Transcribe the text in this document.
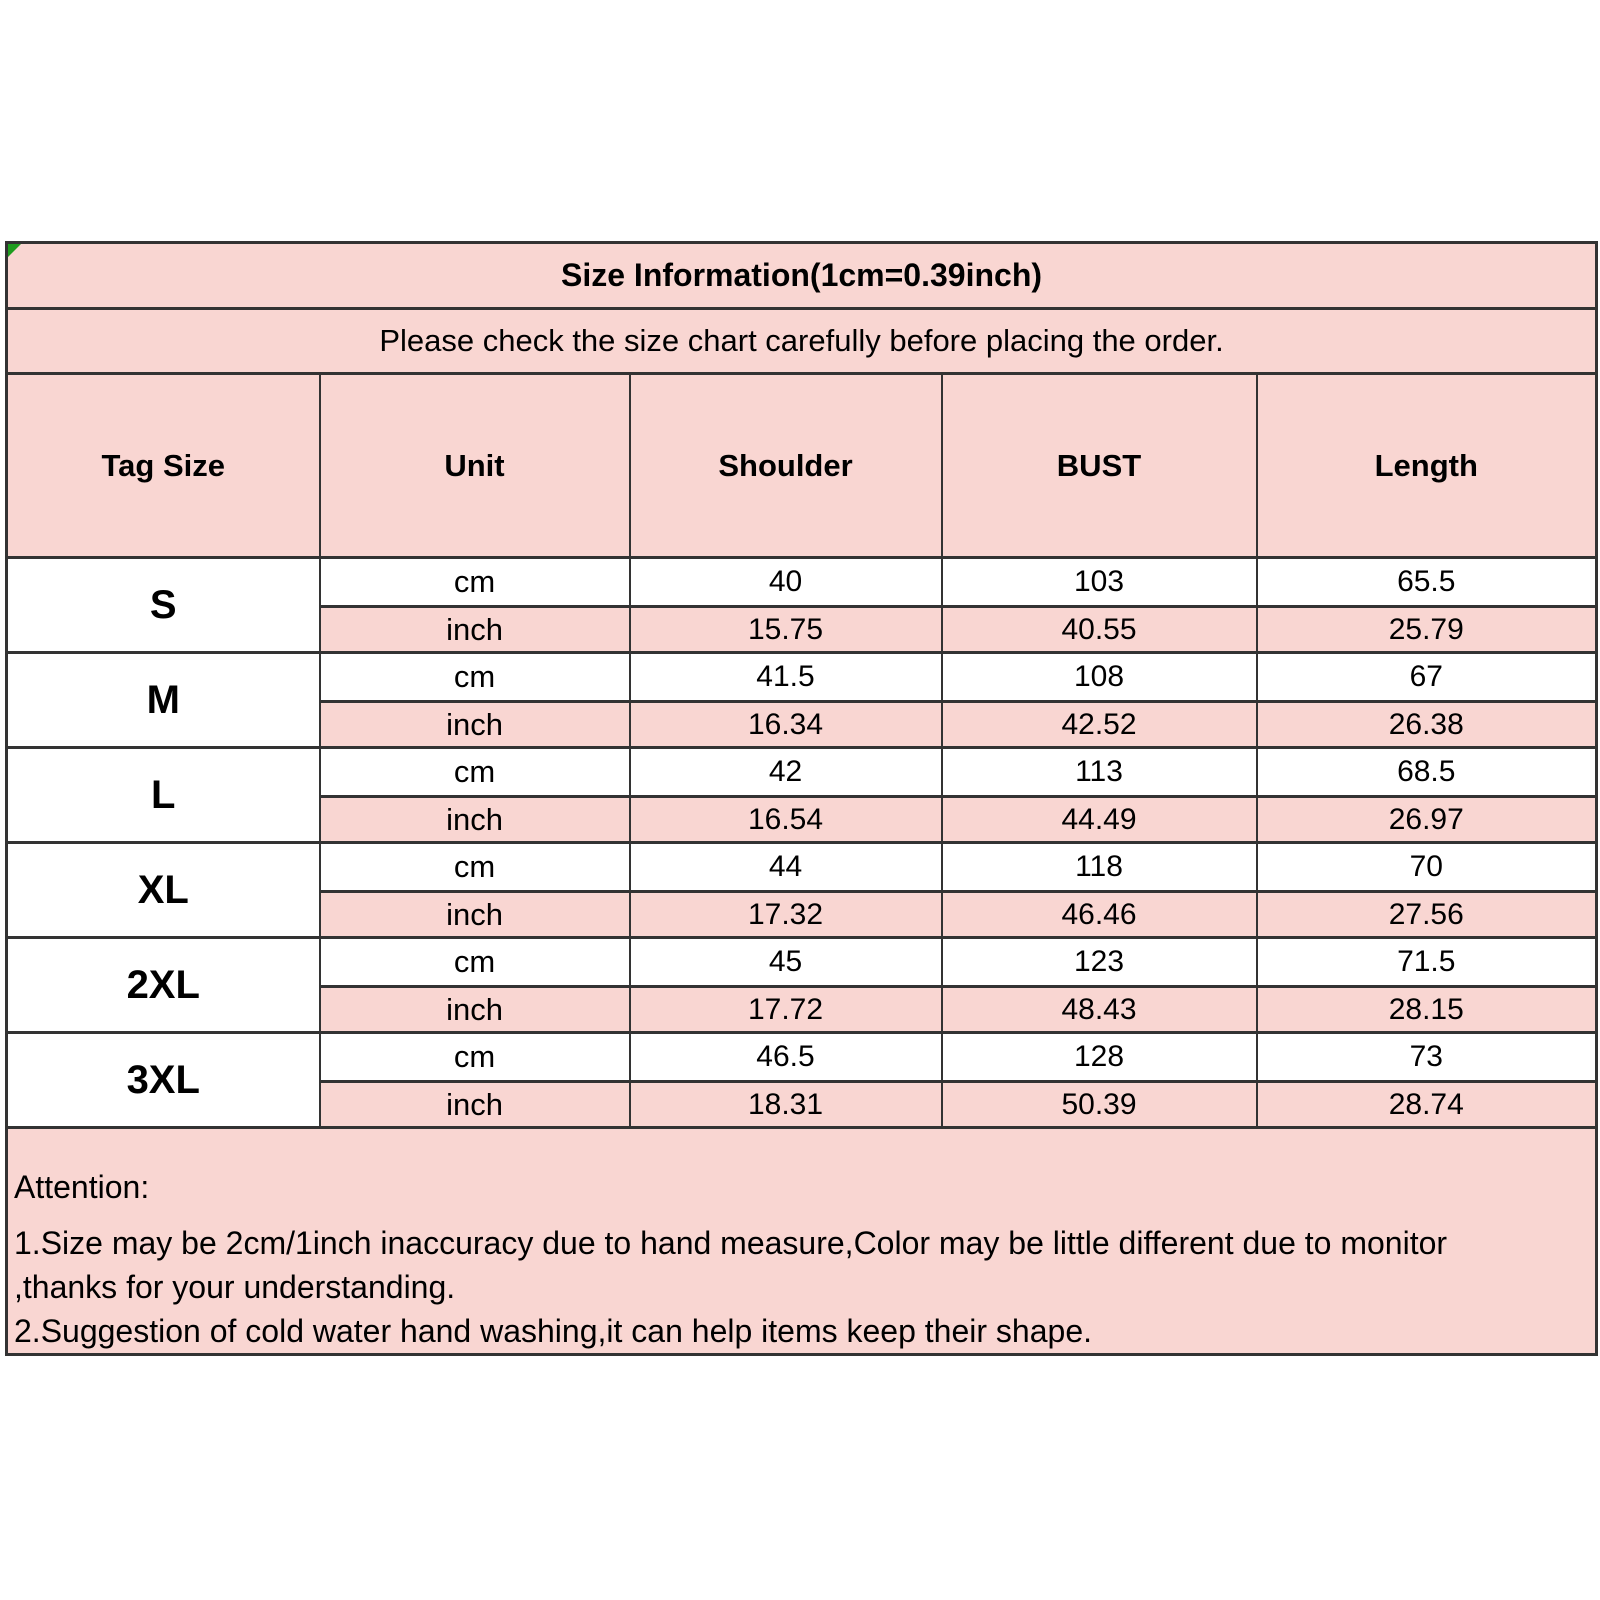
Size Information(1cm=0.39inch)				
Please check the size chart carefully before placing the order.				
Tag Size	Unit	Shoulder	BUST	Length
S	cm	40	103	65.5
	inch	15.75	40.55	25.79
M	cm	41.5	108	67
	inch	16.34	42.52	26.38
L	cm	42	113	68.5
	inch	16.54	44.49	26.97
XL	cm	44	118	70
	inch	17.32	46.46	27.56
2XL	cm	45	123	71.5
	inch	17.72	48.43	28.15
3XL	cm	46.5	128	73
	inch	18.31	50.39	28.74

Attention:
1.Size may be 2cm/1inch inaccuracy due to hand measure,Color may be little different due to monitor
,thanks for your understanding.
2.Suggestion of cold water hand washing,it can help items keep their shape.				
